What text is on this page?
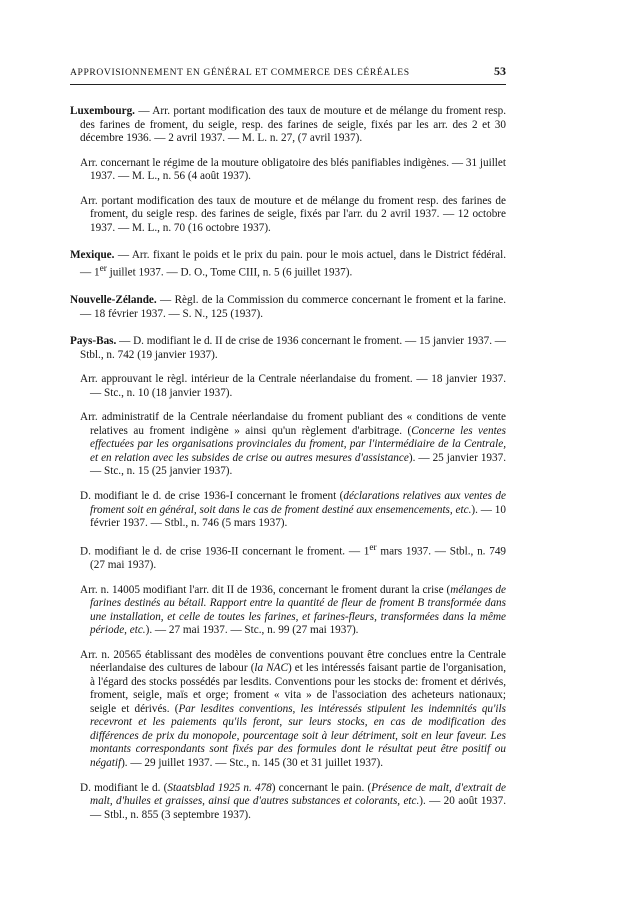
APPROVISIONNEMENT EN GÉNÉRAL ET COMMERCE DES CÉRÉALES	53

Luxembourg. — Arr. portant modification des taux de mouture et de mélange du froment resp. des farines de froment, du seigle, resp. des farines de seigle, fixés par les arr. des 2 et 30 décembre 1936. — 2 avril 1937. — M. L. n. 27, (7 avril 1937).

Arr. concernant le régime de la mouture obligatoire des blés panifiables indigènes. — 31 juillet 1937. — M. L., n. 56 (4 août 1937).

Arr. portant modification des taux de mouture et de mélange du froment resp. des farines de froment, du seigle resp. des farines de seigle, fixés par l'arr. du 2 avril 1937. — 12 octobre 1937. — M. L., n. 70 (16 octobre 1937).

Mexique. — Arr. fixant le poids et le prix du pain. pour le mois actuel, dans le District fédéral. — 1er juillet 1937. — D. O., Tome CIII, n. 5 (6 juillet 1937).

Nouvelle-Zélande. — Règl. de la Commission du commerce concernant le froment et la farine. — 18 février 1937. — S. N., 125 (1937).

Pays-Bas. — D. modifiant le d. II de crise de 1936 concernant le froment. — 15 janvier 1937. — Stbl., n. 742 (19 janvier 1937).

Arr. approuvant le règl. intérieur de la Centrale néerlandaise du froment. — 18 janvier 1937. — Stc., n. 10 (18 janvier 1937).

Arr. administratif de la Centrale néerlandaise du froment publiant des « conditions de vente relatives au froment indigène » ainsi qu'un règlement d'arbitrage. (Concerne les ventes effectuées par les organisations provinciales du froment, par l'intermédiaire de la Centrale, et en relation avec les subsides de crise ou autres mesures d'assistance). — 25 janvier 1937. — Stc., n. 15 (25 janvier 1937).

D. modifiant le d. de crise 1936-I concernant le froment (déclarations relatives aux ventes de froment soit en général, soit dans le cas de froment destiné aux ensemencements, etc.). — 10 février 1937. — Stbl., n. 746 (5 mars 1937).

D. modifiant le d. de crise 1936-II concernant le froment. — 1er mars 1937. — Stbl., n. 749 (27 mai 1937).

Arr. n. 14005 modifiant l'arr. dit II de 1936, concernant le froment durant la crise (mélanges de farines destinés au bétail. Rapport entre la quantité de fleur de froment B transformée dans une installation, et celle de toutes les farines, et farines-fleurs, transformées dans la même période, etc.). — 27 mai 1937. — Stc., n. 99 (27 mai 1937).

Arr. n. 20565 établissant des modèles de conventions pouvant être conclues entre la Centrale néerlandaise des cultures de labour (la NAC) et les intéressés faisant partie de l'organisation, à l'égard des stocks possédés par lesdits. Conventions pour les stocks de: froment et dérivés, froment, seigle, maïs et orge; froment « vita » de l'association des acheteurs nationaux; seigle et dérivés. (Par lesdites conventions, les intéressés stipulent les indemnités qu'ils recevront et les paiements qu'ils feront, sur leurs stocks, en cas de modification des différences de prix du monopole, pourcentage soit à leur détriment, soit en leur faveur. Les montants correspondants sont fixés par des formules dont le résultat peut être positif ou négatif). — 29 juillet 1937. — Stc., n. 145 (30 et 31 juillet 1937).

D. modifiant le d. (Staatsblad 1925 n. 478) concernant le pain. (Présence de malt, d'extrait de malt, d'huiles et graisses, ainsi que d'autres substances et colorants, etc.). — 20 août 1937. — Stbl., n. 855 (3 septembre 1937).
